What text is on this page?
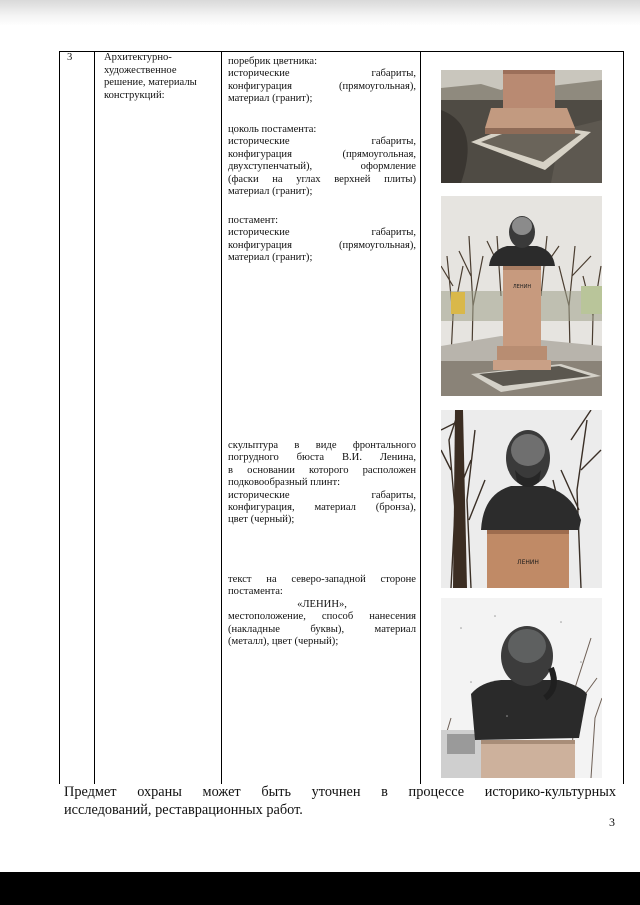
3	Архитектурно-
художественное
решение, материалы
конструкций:
поребрик цветника:
исторические габариты,
конфигурация (прямоугольная),
материал (гранит);
цоколь постамента:
исторические габариты,
конфигурация (прямоугольная,
двухступенчатый), оформление
(фаски на углах верхней плиты)
материал (гранит);
постамент:
исторические габариты,
конфигурация (прямоугольная),
материал (гранит);
скульптура в виде фронтального
погрудного бюста В.И. Ленина,
в основании которого расположен
подковообразный плинт:
исторические габариты,
конфигурация, материал (бронза),
цвет (черный);
текст на северо-западной стороне
постамента:
«ЛЕНИН»,
местоположение, способ нанесения
(накладные буквы), материал
(металл), цвет (черный);
ЛЕНИН
ЛЕНИН
Предмет охраны может быть уточнен в процессе историко-культурных
исследований, реставрационных работ.
3
